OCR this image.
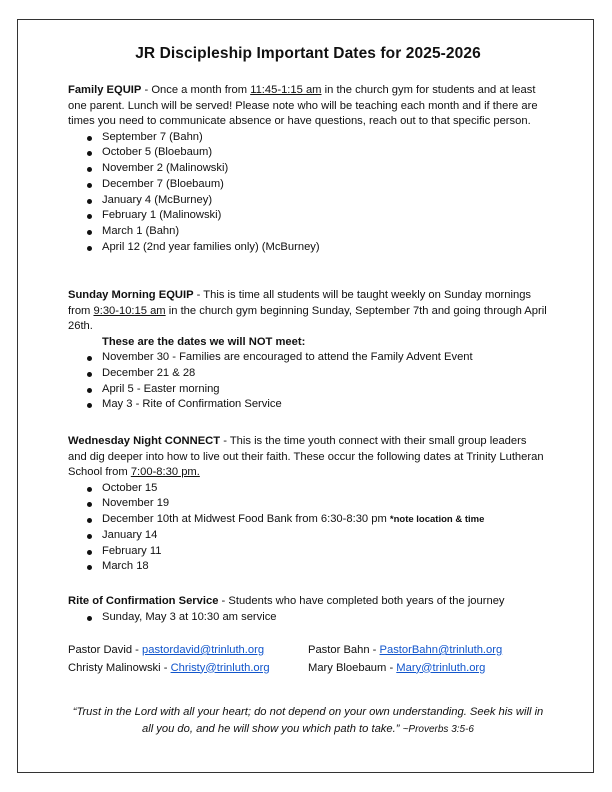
JR Discipleship Important Dates for 2025-2026

Family EQUIP - Once a month from 11:45-1:15 am in the church gym for students and at least one parent. Lunch will be served! Please note who will be teaching each month and if there are times you need to communicate absence or have questions, reach out to that specific person.

September 7 (Bahn)
October 5 (Bloebaum)
November 2 (Malinowski)
December 7 (Bloebaum)
January 4 (McBurney)
February 1 (Malinowski)
March 1 (Bahn)
April 12 (2nd year families only) (McBurney)

Sunday Morning EQUIP - This is time all students will be taught weekly on Sunday mornings from 9:30-10:15 am in the church gym beginning Sunday, September 7th and going through April 26th.

These are the dates we will NOT meet:
November 30 - Families are encouraged to attend the Family Advent Event
December 21 & 28
April 5 - Easter morning
May 3 - Rite of Confirmation Service

Wednesday Night CONNECT - This is the time youth connect with their small group leaders and dig deeper into how to live out their faith. These occur the following dates at Trinity Lutheran School from 7:00-8:30 pm.

October 15
November 19
December 10th at Midwest Food Bank from 6:30-8:30 pm *note location & time
January 14
February 11
March 18

Rite of Confirmation Service - Students who have completed both years of the journey

Sunday, May 3 at 10:30 am service
Pastor David - pastordavid@trinluth.org	Pastor Bahn - PastorBahn@trinluth.org
Christy Malinowski - Christy@trinluth.org	Mary Bloebaum - Mary@trinluth.org
“Trust in the Lord with all your heart; do not depend on your own understanding. Seek his will in all you do, and he will show you which path to take.” ~Proverbs 3:5-6
